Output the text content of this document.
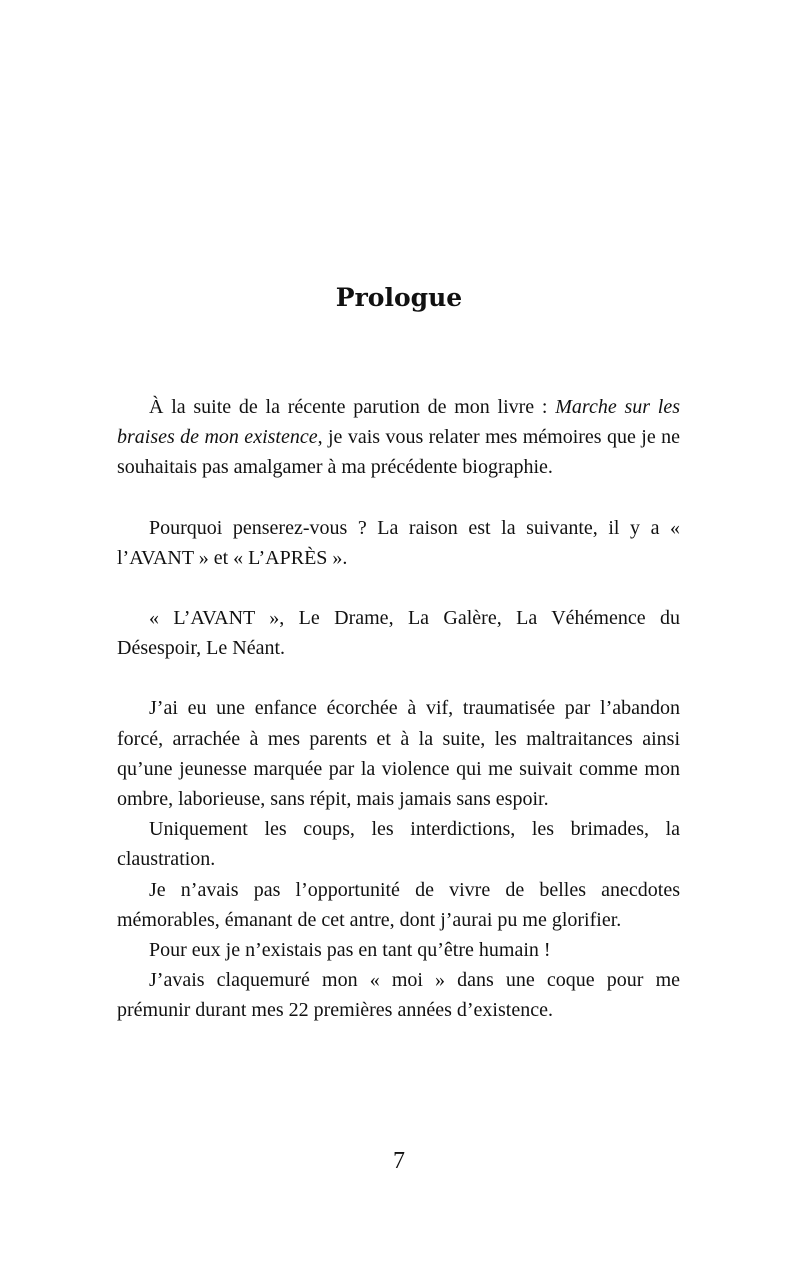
Prologue

À la suite de la récente parution de mon livre : Marche sur les braises de mon existence, je vais vous relater mes mémoires que je ne souhaitais pas amalgamer à ma précédente biographie.

Pourquoi penserez-vous ? La raison est la suivante, il y a « l’AVANT » et « L’APRÈS ».

« L’AVANT », Le Drame, La Galère, La Véhémence du Désespoir, Le Néant.

J’ai eu une enfance écorchée à vif, traumatisée par l’abandon forcé, arrachée à mes parents et à la suite, les maltraitances ainsi qu’une jeunesse marquée par la violence qui me suivait comme mon ombre, laborieuse, sans répit, mais jamais sans espoir.

Uniquement les coups, les interdictions, les brimades, la claustration.

Je n’avais pas l’opportunité de vivre de belles anecdotes mémorables, émanant de cet antre, dont j’aurai pu me glorifier.

Pour eux je n’existais pas en tant qu’être humain !

J’avais claquemuré mon « moi » dans une coque pour me prémunir durant mes 22 premières années d’existence.

7
